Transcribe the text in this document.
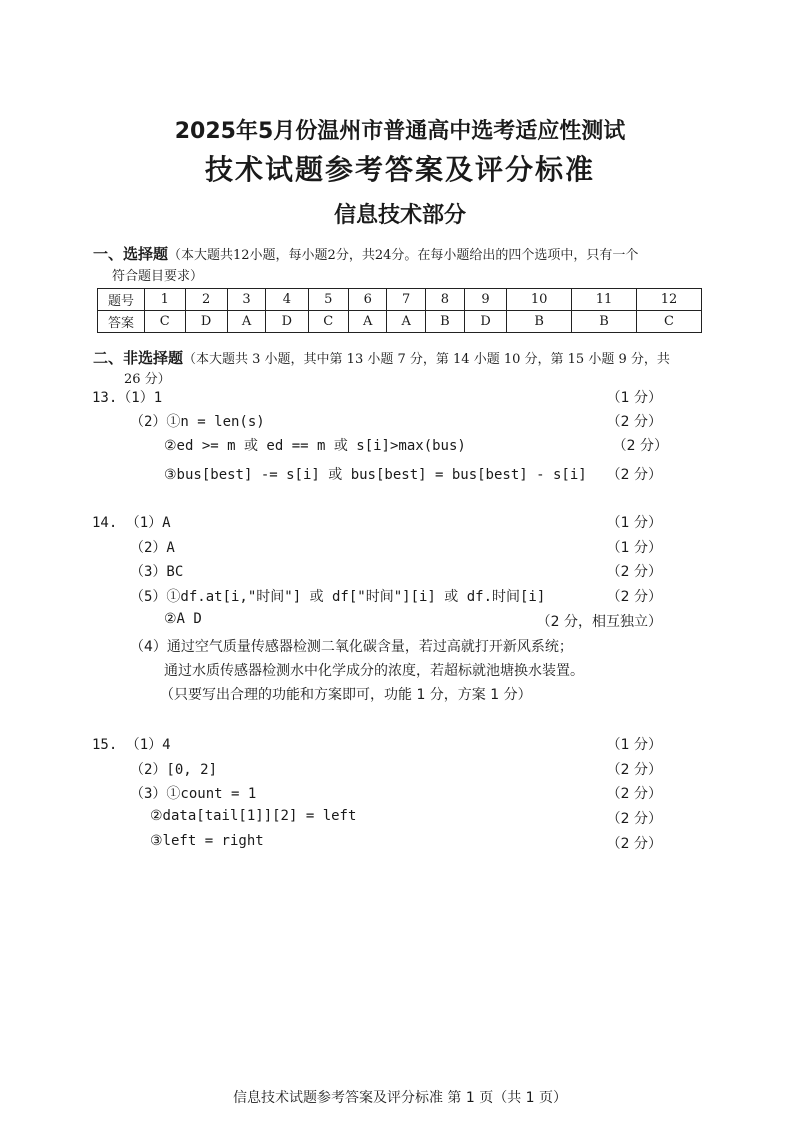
2025年5月份温州市普通高中选考适应性测试
技术试题参考答案及评分标准
信息技术部分
一、选择题（本大题共12小题，每小题2分，共24分。在每小题给出的四个选项中，只有一个
符合题目要求）
题号	1	2	3	4	5	6	7	8	9	10	11	12
答案	C	D	A	D	C	A	A	B	D	B	B	C
二、非选择题（本大题共 3 小题，其中第 13 小题 7 分，第 14 小题 10 分，第 15 小题 9 分，共
26 分）
13.（1）1	（1 分）
（2）①n = len(s)	（2 分）
②ed >= m 或 ed == m 或 s[i]>max(bus)	（2 分）
③bus[best] -= s[i] 或 bus[best] = bus[best] - s[i] （2 分）
14. （1）A	（1 分）
（2）A	（1 分）
（3）BC	（2 分）
（5）①df.at[i,"时间"] 或 df["时间"][i] 或 df.时间[i]	（2 分）
②A D	（2 分，相互独立）
（4）通过空气质量传感器检测二氧化碳含量，若过高就打开新风系统；
通过水质传感器检测水中化学成分的浓度，若超标就池塘换水装置。
（只要写出合理的功能和方案即可，功能 1 分，方案 1 分）
15. （1）4	（1 分）
（2）[0, 2]	（2 分）
（3）①count = 1	（2 分）
②data[tail[1]][2] = left	（2 分）
③left = right	（2 分）
信息技术试题参考答案及评分标准 第 1 页（共 1 页）
